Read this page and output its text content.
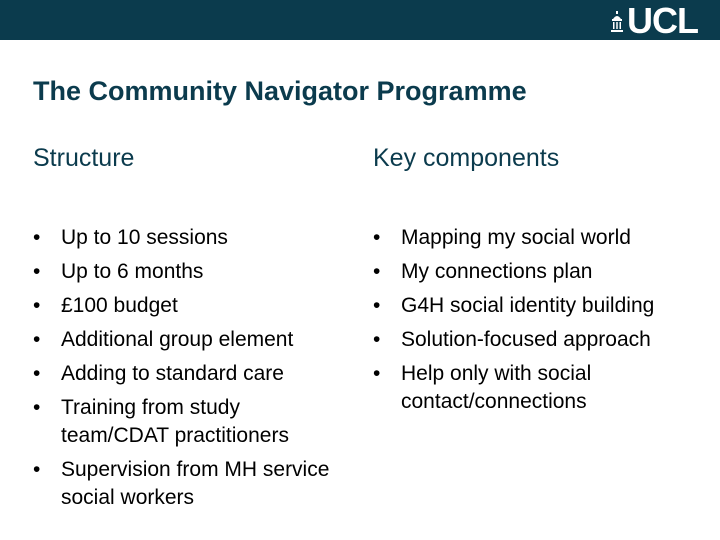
UCL
The Community Navigator Programme
Structure	Key components
• Up to 10 sessions
• Up to 6 months
• £100 budget
• Additional group element
• Adding to standard care
• Training from study team/CDAT practitioners
• Supervision from MH service social workers
• Mapping my social world
• My connections plan
• G4H social identity building
• Solution-focused approach
• Help only with social contact/connections
